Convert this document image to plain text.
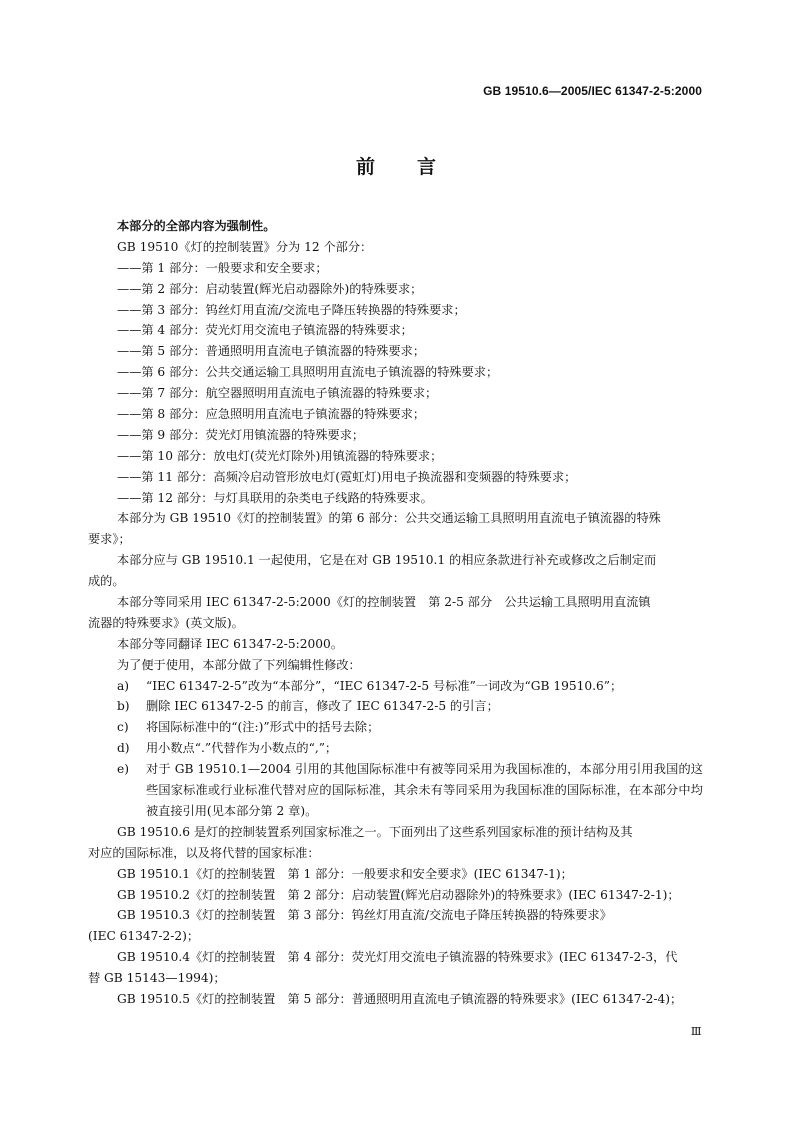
GB 19510.6—2005/IEC 61347-2-5:2000
前 言
本部分的全部内容为强制性。
GB 19510《灯的控制装置》分为 12 个部分：
——第 1 部分：一般要求和安全要求；
——第 2 部分：启动装置(辉光启动器除外)的特殊要求；
——第 3 部分：钨丝灯用直流/交流电子降压转换器的特殊要求；
——第 4 部分：荧光灯用交流电子镇流器的特殊要求；
——第 5 部分：普通照明用直流电子镇流器的特殊要求；
——第 6 部分：公共交通运输工具照明用直流电子镇流器的特殊要求；
——第 7 部分：航空器照明用直流电子镇流器的特殊要求；
——第 8 部分：应急照明用直流电子镇流器的特殊要求；
——第 9 部分：荧光灯用镇流器的特殊要求；
——第 10 部分：放电灯(荧光灯除外)用镇流器的特殊要求；
——第 11 部分：高频冷启动管形放电灯(霓虹灯)用电子换流器和变频器的特殊要求；
——第 12 部分：与灯具联用的杂类电子线路的特殊要求。
本部分为 GB 19510《灯的控制装置》的第 6 部分：公共交通运输工具照明用直流电子镇流器的特殊
要求》；
本部分应与 GB 19510.1 一起使用，它是在对 GB 19510.1 的相应条款进行补充或修改之后制定而
成的。
本部分等同采用 IEC 61347-2-5:2000《灯的控制装置　第 2-5 部分　公共运输工具照明用直流镇
流器的特殊要求》(英文版)。
本部分等同翻译 IEC 61347-2-5:2000。
为了便于使用，本部分做了下列编辑性修改：
a) “IEC 61347-2-5”改为“本部分”，“IEC 61347-2-5 号标准”一词改为“GB 19510.6”；
b) 删除 IEC 61347-2-5 的前言，修改了 IEC 61347-2-5 的引言；
c) 将国际标准中的“(注:)”形式中的括号去除；
d) 用小数点“.”代替作为小数点的“,”；
e) 对于 GB 19510.1—2004 引用的其他国际标准中有被等同采用为我国标准的，本部分用引用我国的这些国家标准或行业标准代替对应的国际标准，其余未有等同采用为我国标准的国际标准，在本部分中均被直接引用(见本部分第 2 章)。
GB 19510.6 是灯的控制装置系列国家标准之一。下面列出了这些系列国家标准的预计结构及其
对应的国际标准，以及将代替的国家标准：
GB 19510.1《灯的控制装置　第 1 部分：一般要求和安全要求》(IEC 61347-1)；
GB 19510.2《灯的控制装置　第 2 部分：启动装置(辉光启动器除外)的特殊要求》(IEC 61347-2-1)；
GB 19510.3《灯的控制装置　第 3 部分：钨丝灯用直流/交流电子降压转换器的特殊要求》
(IEC 61347-2-2)；
GB 19510.4《灯的控制装置　第 4 部分：荧光灯用交流电子镇流器的特殊要求》(IEC 61347-2-3，代
替 GB 15143—1994)；
GB 19510.5《灯的控制装置　第 5 部分：普通照明用直流电子镇流器的特殊要求》(IEC 61347-2-4)；
Ⅲ
